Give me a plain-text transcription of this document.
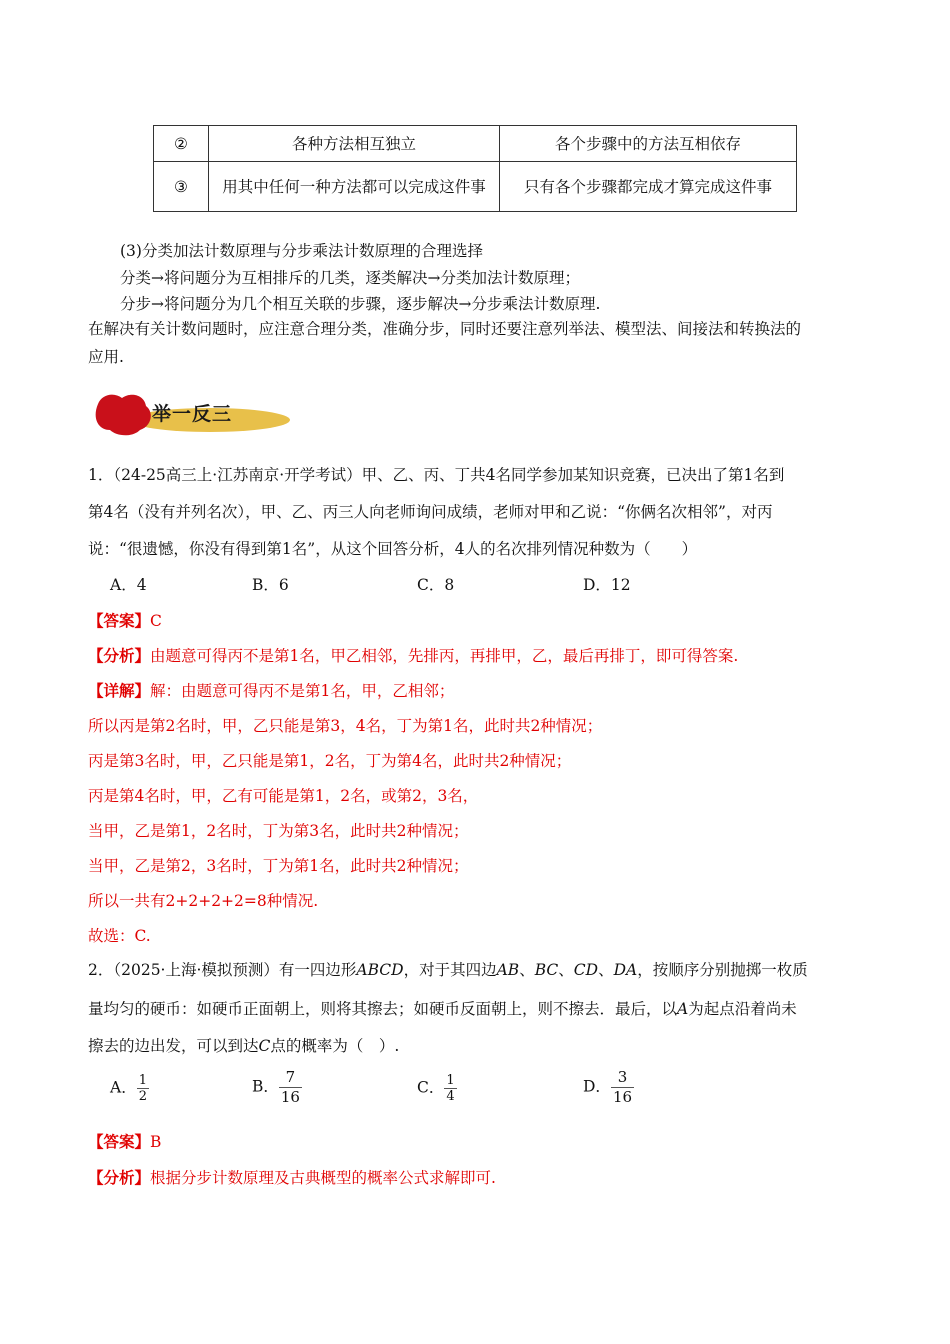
②	各种方法相互独立	各个步骤中的方法互相依存
③	用其中任何一种方法都可以完成这件事	只有各个步骤都完成才算完成这件事
(3)分类加法计数原理与分步乘法计数原理的合理选择
分类→将问题分为互相排斥的几类，逐类解决→分类加法计数原理；
分步→将问题分为几个相互关联的步骤，逐步解决→分步乘法计数原理.
在解决有关计数问题时，应注意合理分类，准确分步，同时还要注意列举法、模型法、间接法和转换法的
应用.
举一反三
1．（24-25高三上·江苏南京·开学考试）甲、乙、丙、丁共4名同学参加某知识竞赛，已决出了第1名到
第4名（没有并列名次），甲、乙、丙三人向老师询问成绩，老师对甲和乙说：“你俩名次相邻”，对丙
说：“很遗憾，你没有得到第1名”，从这个回答分析，4人的名次排列情况种数为（　　）
A．4	B．6	C．8	D．12
【答案】C
【分析】由题意可得丙不是第1名，甲乙相邻，先排丙，再排甲，乙，最后再排丁，即可得答案.
【详解】解：由题意可得丙不是第1名，甲，乙相邻；
所以丙是第2名时，甲，乙只能是第3，4名，丁为第1名，此时共2种情况；
丙是第3名时，甲，乙只能是第1，2名，丁为第4名，此时共2种情况；
丙是第4名时，甲，乙有可能是第1，2名，或第2，3名，
当甲，乙是第1，2名时，丁为第3名，此时共2种情况；
当甲，乙是第2，3名时，丁为第1名，此时共2种情况；
所以一共有2+2+2+2=8种情况.
故选：C.
2．（2025·上海·模拟预测）有一四边形ABCD，对于其四边AB、BC、CD、DA，按顺序分别抛掷一枚质
量均匀的硬币：如硬币正面朝上，则将其擦去；如硬币反面朝上，则不擦去．最后，以A为起点沿着尚未
擦去的边出发，可以到达C点的概率为（　）.
A． $\frac{1}{2}$	B． $\frac{7}{16}$	C． $\frac{1}{4}$	D． $\frac{3}{16}$
【答案】B
【分析】根据分步计数原理及古典概型的概率公式求解即可.
